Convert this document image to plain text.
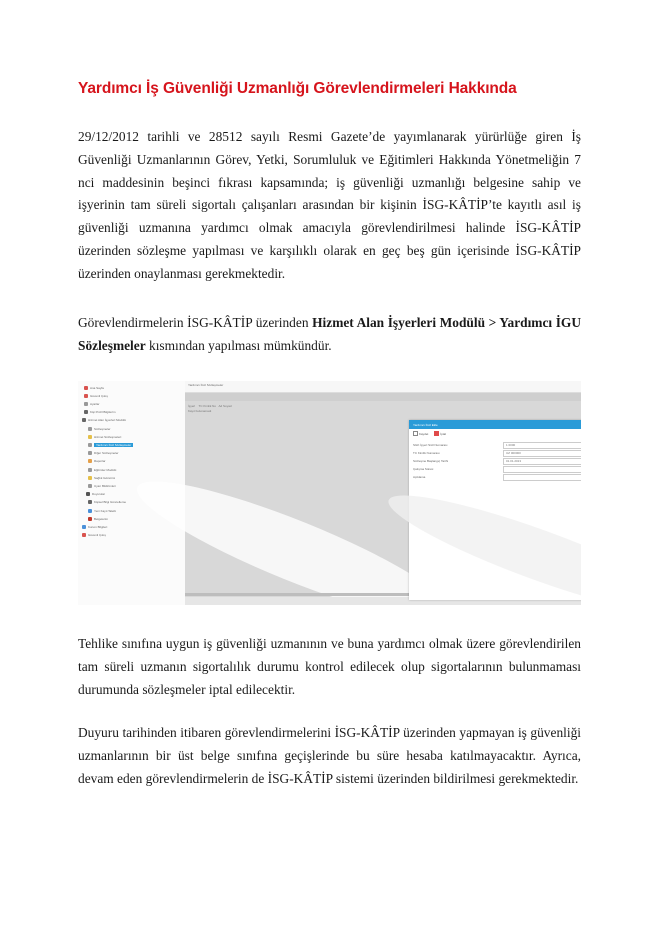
Yardımcı İş Güvenliği Uzmanlığı Görevlendirmeleri Hakkında
29/12/2012 tarihli ve 28512 sayılı Resmi Gazete’de yayımlanarak yürürlüğe giren İş Güvenliği Uzmanlarının Görev, Yetki, Sorumluluk ve Eğitimleri Hakkında Yönetmeliğin 7 nci maddesinin beşinci fıkrası kapsamında; iş güvenliği uzmanlığı belgesine sahip ve işyerinin tam süreli sigortalı çalışanları arasından bir kişinin İSG-KÂTİP’te kayıtlı asıl iş güvenliği uzmanına yardımcı olmak amacıyla görevlendirilmesi halinde İSG-KÂTİP üzerinden sözleşme yapılması ve karşılıklı olarak en geç beş gün içerisinde İSG-KÂTİP üzerinden onaylanması gerekmektedir.
Görevlendirmelerin İSG-KÂTİP üzerinden Hizmet Alan İşyerleri Modülü > Yardımcı İGU Sözleşmeler kısmından yapılması mümkündür.
Ana Sayfa
Güvenli Çıkış
Ayarlar
Kişi Profil Bilgilerim
Hizmet Alan İşyerleri Modülü
Sözleşmeler
Hizmet Sözleşmeleri
Yardımcı İGU Sözleşmeler
Diğer Sözleşmeler
Raporlar
Eğitimler Modülü
Sağlık Gözetimi
Uyarı Bildirimleri
Duyurular
Kişisel Bilgi Güncelleme
Yeni Kayıt Talebi
Belgelerim
Kurum Bilgileri
Güvenli Çıkış
Yardımcı İGU Sözleşmeler
İşyeri TC Kimlik No Ad Soyad
Kayıt bulunamadı
Yardımcı İGU Ekle
Kaydet	İptal
SGK İşyeri Sicil Numarası	1 0000
TC Kimlik Numarası	UZ 000000
Sözleşme Başlangıç Tarihi	01.01.2013
Çalışma Süresi
Açıklama
Tehlike sınıfına uygun iş güvenliği uzmanının ve buna yardımcı olmak üzere görevlendirilen tam süreli uzmanın sigortalılık durumu kontrol edilecek olup sigortalarının bulunmaması durumunda sözleşmeler iptal edilecektir.
Duyuru tarihinden itibaren görevlendirmelerini İSG-KÂTİP üzerinden yapmayan iş güvenliği uzmanlarının bir üst belge sınıfına geçişlerinde bu süre hesaba katılmayacaktır. Ayrıca, devam eden görevlendirmelerin de İSG-KÂTİP sistemi üzerinden bildirilmesi gerekmektedir.
